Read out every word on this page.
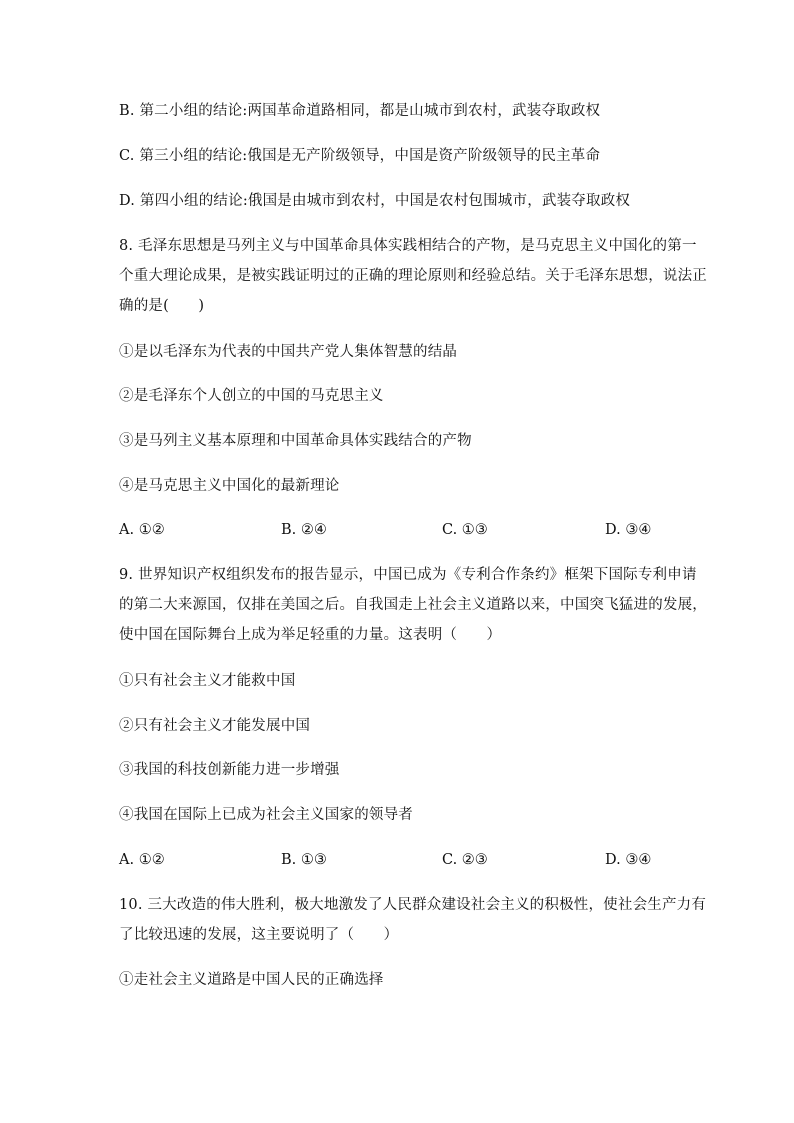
B. 第二小组的结论:两国革命道路相同，都是山城市到农村，武装夺取政权
C. 第三小组的结论:俄国是无产阶级领导，中国是资产阶级领导的民主革命
D. 第四小组的结论:俄国是由城市到农村，中国是农村包围城市，武装夺取政权
8. 毛泽东思想是马列主义与中国革命具体实践相结合的产物，是马克思主义中国化的第一
个重大理论成果，是被实践证明过的正确的理论原则和经验总结。关于毛泽东思想，说法正
确的是(　　)
①是以毛泽东为代表的中国共产党人集体智慧的结晶
②是毛泽东个人创立的中国的马克思主义
③是马列主义基本原理和中国革命具体实践结合的产物
④是马克思主义中国化的最新理论
A. ①②	B. ②④	C. ①③	D. ③④
9. 世界知识产权组织发布的报告显示，中国已成为《专利合作条约》框架下国际专利申请
的第二大来源国，仅排在美国之后。自我国走上社会主义道路以来，中国突飞猛进的发展，
使中国在国际舞台上成为举足轻重的力量。这表明（　　）
①只有社会主义才能救中国
②只有社会主义才能发展中国
③我国的科技创新能力进一步增强
④我国在国际上已成为社会主义国家的领导者
A. ①②	B. ①③	C. ②③	D. ③④
10. 三大改造的伟大胜利，极大地激发了人民群众建设社会主义的积极性，使社会生产力有
了比较迅速的发展，这主要说明了（　　）
①走社会主义道路是中国人民的正确选择
